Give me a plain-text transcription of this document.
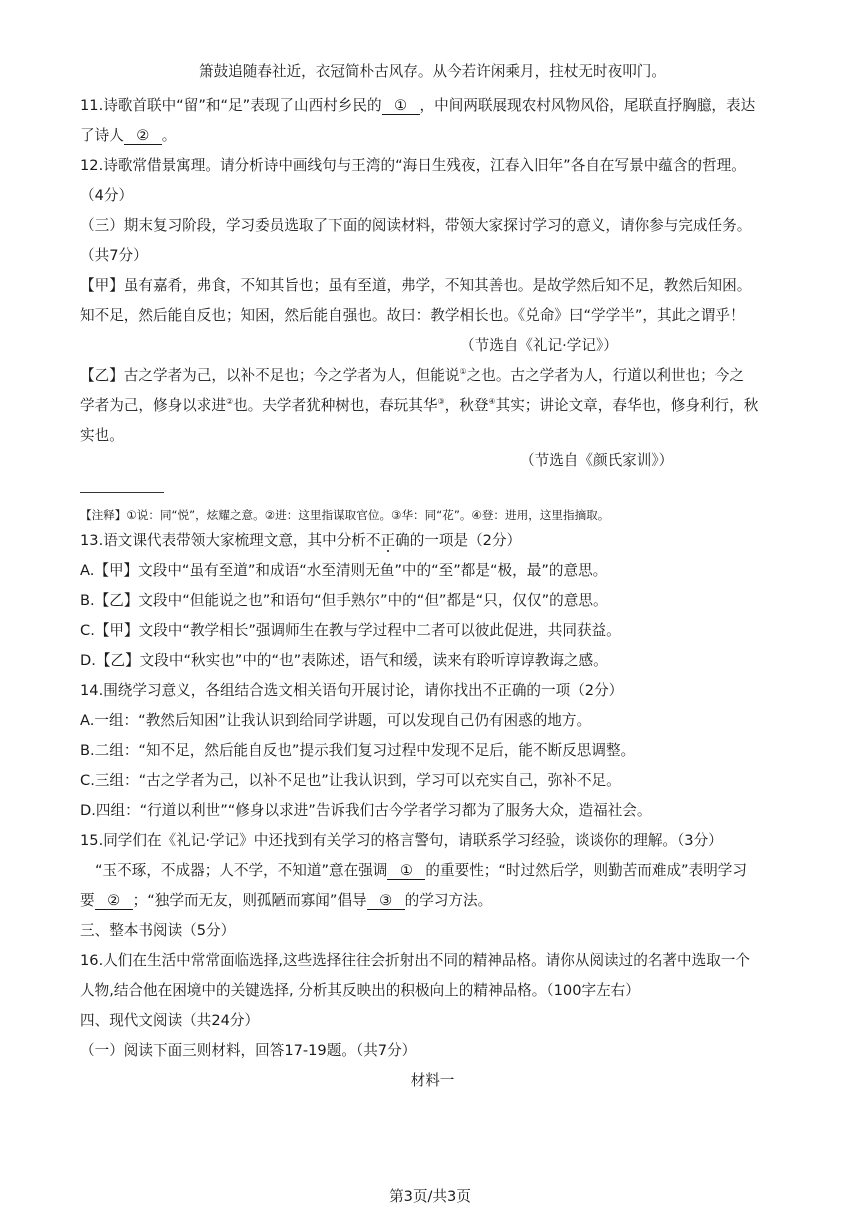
箫鼓追随春社近，衣冠简朴古风存。从今若许闲乘月，拄杖无时夜叩门。
11.诗歌首联中“留”和“足”表现了山西村乡民的 ① ，中间两联展现农村风物风俗，尾联直抒胸臆，表达
了诗人 ② 。
12.诗歌常借景寓理。请分析诗中画线句与王湾的“海日生残夜，江春入旧年”各自在写景中蕴含的哲理。
（4分）
（三）期末复习阶段，学习委员选取了下面的阅读材料，带领大家探讨学习的意义，请你参与完成任务。
（共7分）
【甲】虽有嘉肴，弗食，不知其旨也；虽有至道，弗学，不知其善也。是故学然后知不足，教然后知困。
知不足，然后能自反也；知困，然后能自强也。故曰：教学相长也。《兑命》曰“学学半”，其此之谓乎！
（节选自《礼记·学记》）
【乙】古之学者为己，以补不足也；今之学者为人，但能说①之也。古之学者为人，行道以利世也；今之
学者为己，修身以求进②也。夫学者犹种树也，春玩其华③，秋登④其实；讲论文章，春华也，修身利行，秋
实也。
（节选自《颜氏家训》）
【注释】①说：同“悦”，炫耀之意。②进：这里指谋取官位。③华：同“花”。④登：进用，这里指摘取。
13.语文课代表带领大家梳理文意，其中分析不正确的一项是（2分）
A.【甲】文段中“虽有至道”和成语“水至清则无鱼”中的“至”都是“极，最”的意思。
B.【乙】文段中“但能说之也”和语句“但手熟尔”中的“但”都是“只，仅仅”的意思。
C.【甲】文段中“教学相长”强调师生在教与学过程中二者可以彼此促进，共同获益。
D.【乙】文段中“秋实也”中的“也”表陈述，语气和缓，读来有聆听谆谆教诲之感。
14.围绕学习意义，各组结合选文相关语句开展讨论，请你找出不正确的一项（2分）
A.一组：“教然后知困”让我认识到给同学讲题，可以发现自己仍有困惑的地方。
B.二组：“知不足，然后能自反也”提示我们复习过程中发现不足后，能不断反思调整。
C.三组：“古之学者为己，以补不足也”让我认识到，学习可以充实自己，弥补不足。
D.四组：“行道以利世”“修身以求进”告诉我们古今学者学习都为了服务大众，造福社会。
15.同学们在《礼记·学记》中还找到有关学习的格言警句，请联系学习经验，谈谈你的理解。（3分）
“玉不琢，不成器；人不学，不知道”意在强调 ① 的重要性；“时过然后学，则勤苦而难成”表明学习
要 ② ；“独学而无友，则孤陋而寡闻”倡导 ③ 的学习方法。
三、整本书阅读（5分）
16.人们在生活中常常面临选择,这些选择往往会折射出不同的精神品格。请你从阅读过的名著中选取一个
人物,结合他在困境中的关键选择, 分析其反映出的积极向上的精神品格。（100字左右）
四、现代文阅读（共24分）
（一）阅读下面三则材料，回答17-19题。（共7分）
材料一
第3页/共3页
